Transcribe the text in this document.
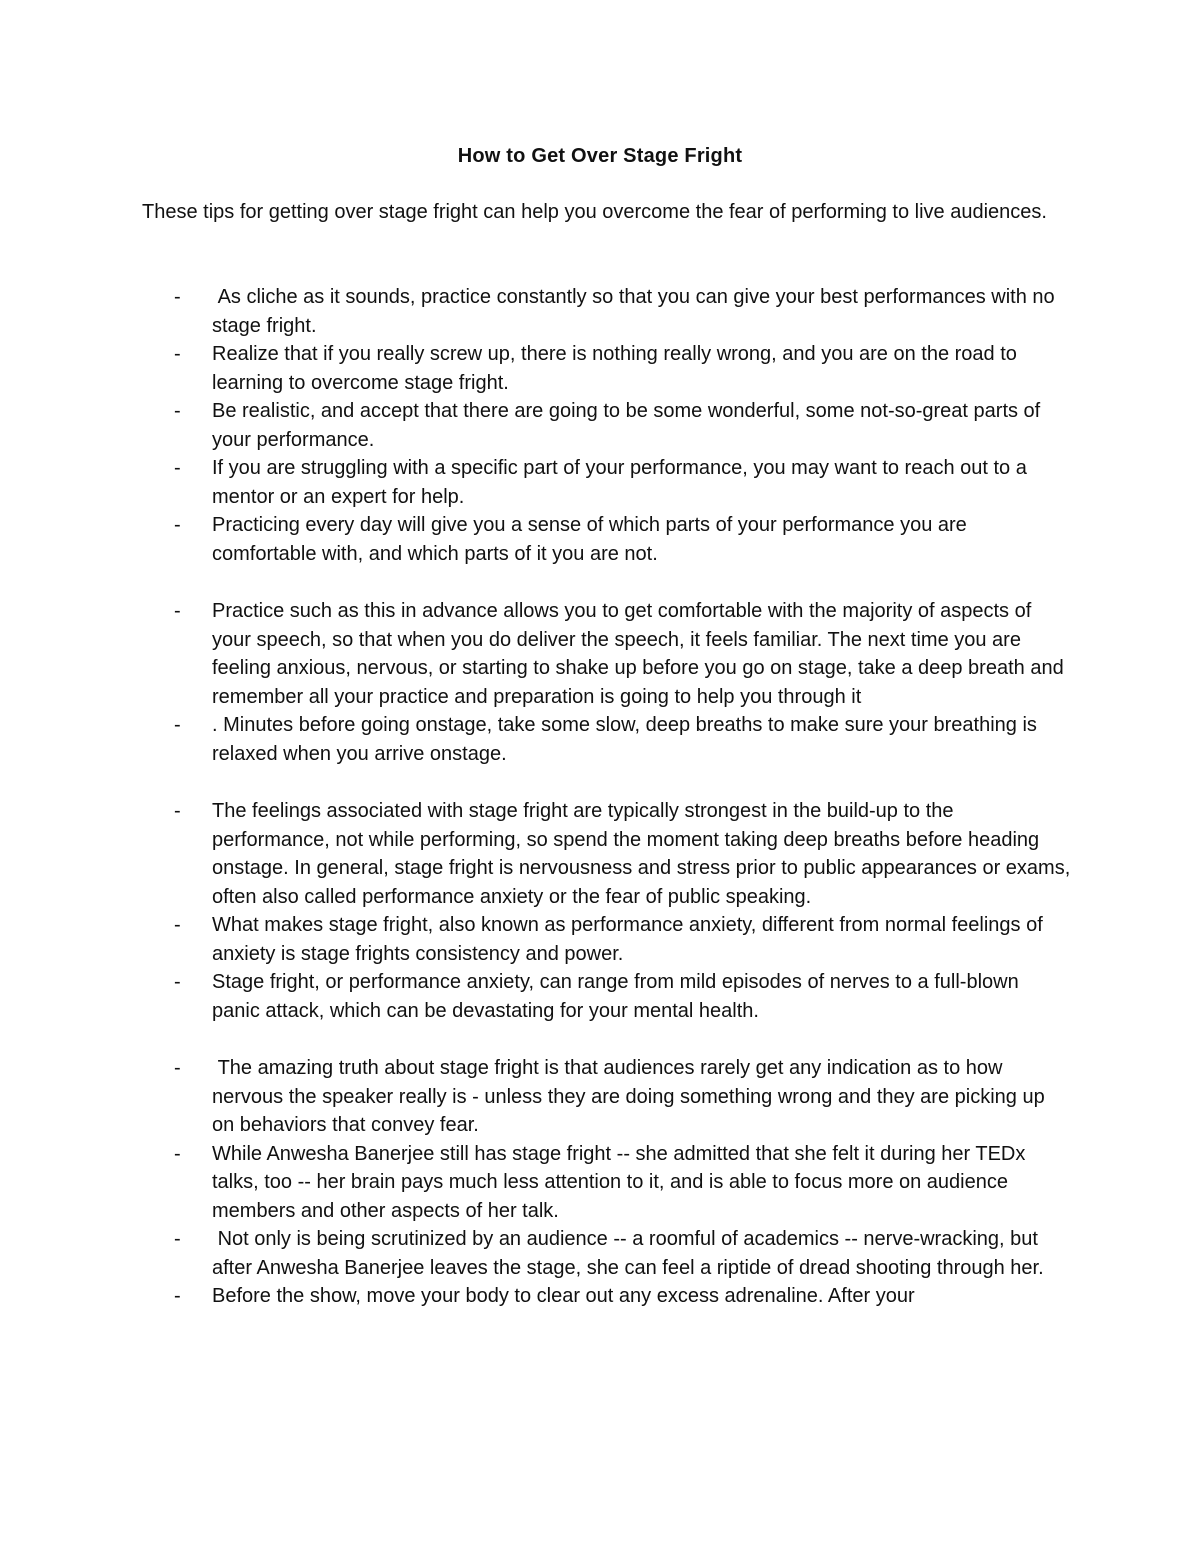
How to Get Over Stage Fright
These tips for getting over stage fright can help you overcome the fear of performing to live audiences.
- As cliche as it sounds, practice constantly so that you can give your best performances with no stage fright.
- Realize that if you really screw up, there is nothing really wrong, and you are on the road to learning to overcome stage fright.
- Be realistic, and accept that there are going to be some wonderful, some not-so-great parts of your performance.
- If you are struggling with a specific part of your performance, you may want to reach out to a mentor or an expert for help.
- Practicing every day will give you a sense of which parts of your performance you are comfortable with, and which parts of it you are not.
- Practice such as this in advance allows you to get comfortable with the majority of aspects of your speech, so that when you do deliver the speech, it feels familiar. The next time you are feeling anxious, nervous, or starting to shake up before you go on stage, take a deep breath and remember all your practice and preparation is going to help you through it
- . Minutes before going onstage, take some slow, deep breaths to make sure your breathing is relaxed when you arrive onstage.
- The feelings associated with stage fright are typically strongest in the build-up to the performance, not while performing, so spend the moment taking deep breaths before heading onstage. In general, stage fright is nervousness and stress prior to public appearances or exams, often also called performance anxiety or the fear of public speaking.
- What makes stage fright, also known as performance anxiety, different from normal feelings of anxiety is stage frights consistency and power.
- Stage fright, or performance anxiety, can range from mild episodes of nerves to a full-blown panic attack, which can be devastating for your mental health.
- The amazing truth about stage fright is that audiences rarely get any indication as to how nervous the speaker really is - unless they are doing something wrong and they are picking up on behaviors that convey fear.
- While Anwesha Banerjee still has stage fright -- she admitted that she felt it during her TEDx talks, too -- her brain pays much less attention to it, and is able to focus more on audience members and other aspects of her talk.
- Not only is being scrutinized by an audience -- a roomful of academics -- nerve-wracking, but after Anwesha Banerjee leaves the stage, she can feel a riptide of dread shooting through her.
- Before the show, move your body to clear out any excess adrenaline. After your
